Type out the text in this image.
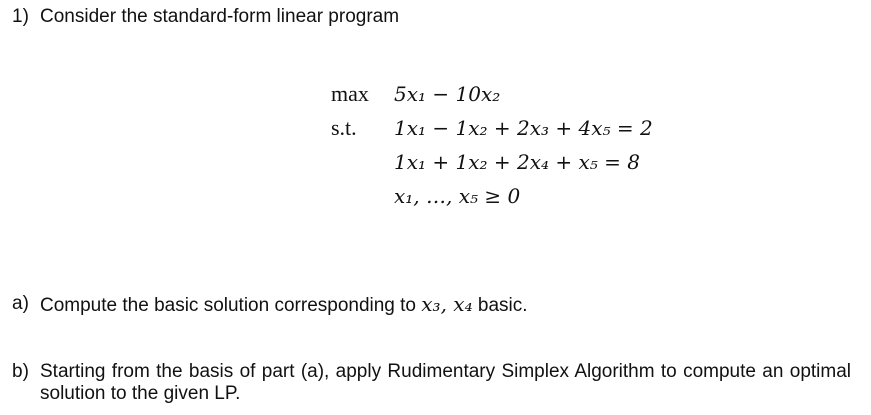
1) Consider the standard-form linear program
max	5x₁ − 10x₂
s.t.	1x₁ − 1x₂ + 2x₃ + 4x₅ = 2
1x₁ + 1x₂ + 2x₄ + x₅ = 8
x₁, …, x₅ ≥ 0
a) Compute the basic solution corresponding to x₃, x₄ basic.
b) Starting from the basis of part (a), apply Rudimentary Simplex Algorithm to compute an optimal solution to the given LP.
